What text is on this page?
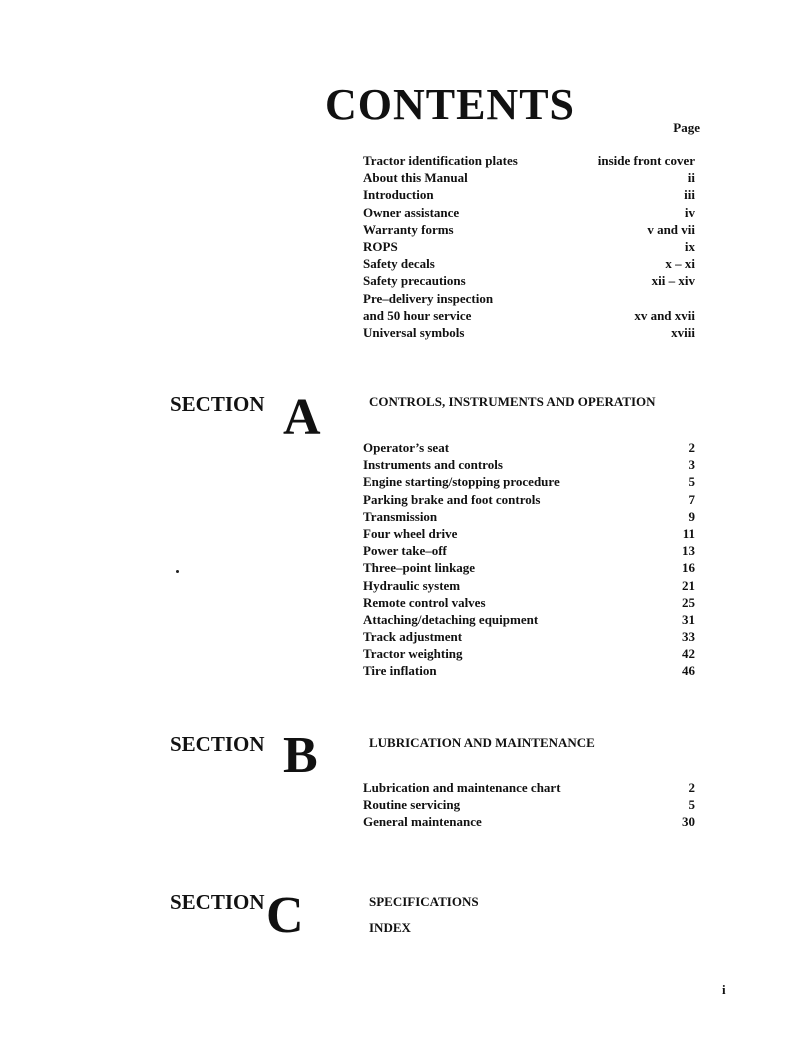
CONTENTS	Page
Tractor identification plates	inside front cover
About this Manual	ii
Introduction	iii
Owner assistance	iv
Warranty forms	v and vii
ROPS	ix
Safety decals	x – xi
Safety precautions	xii – xiv
Pre–delivery inspection
and 50 hour service	xv and xvii
Universal symbols	xviii
SECTION A	CONTROLS, INSTRUMENTS AND OPERATION
Operator’s seat	2
Instruments and controls	3
Engine starting/stopping procedure	5
Parking brake and foot controls	7
Transmission	9
Four wheel drive	11
Power take–off	13
Three–point linkage	16
Hydraulic system	21
Remote control valves	25
Attaching/detaching equipment	31
Track adjustment	33
Tractor weighting	42
Tire inflation	46
SECTION B	LUBRICATION AND MAINTENANCE
Lubrication and maintenance chart	2
Routine servicing	5
General maintenance	30
SECTION C	SPECIFICATIONS
INDEX
i
